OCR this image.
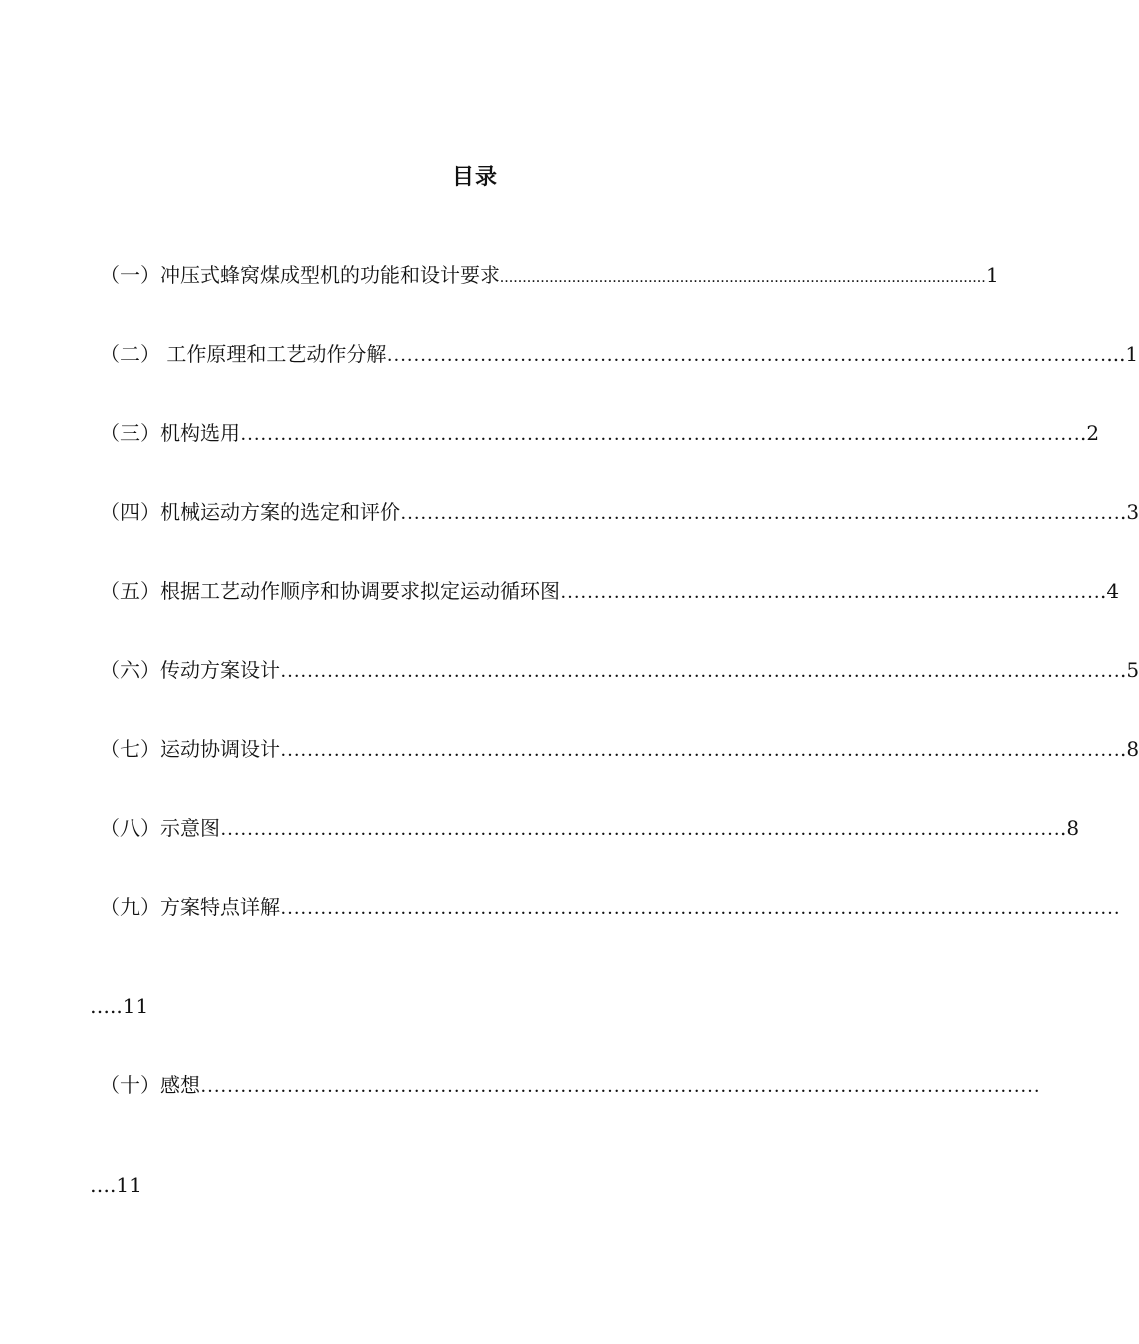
目录
（一）冲压式蜂窝煤成型机的功能和设计要求 ............................................................................................................ 1
（二） 工作原理和工艺动作分解 ……………………………………………………………………………………………… ...1
（三）机构选用 ……………………………………………………………………………………………………………… .2
（四）机械运动方案的选定和评价 ……………………………………………………………………………………………… .3
（五）根据工艺动作顺序和协调要求拟定运动循环图 ……………………………………………………………………… .4
（六）传动方案设计 ……………………………………………………………………………………………………………… .5
（七）运动协调设计 ……………………………………………………………………………………………………………… .8
（八）示意图 ……………………………………………………………………………………………………………… .8
（九）方案特点详解 ………………………………………………………………………………………………………………
…..11
（十）感想 ………………………………………………………………………………………………………………
….11
